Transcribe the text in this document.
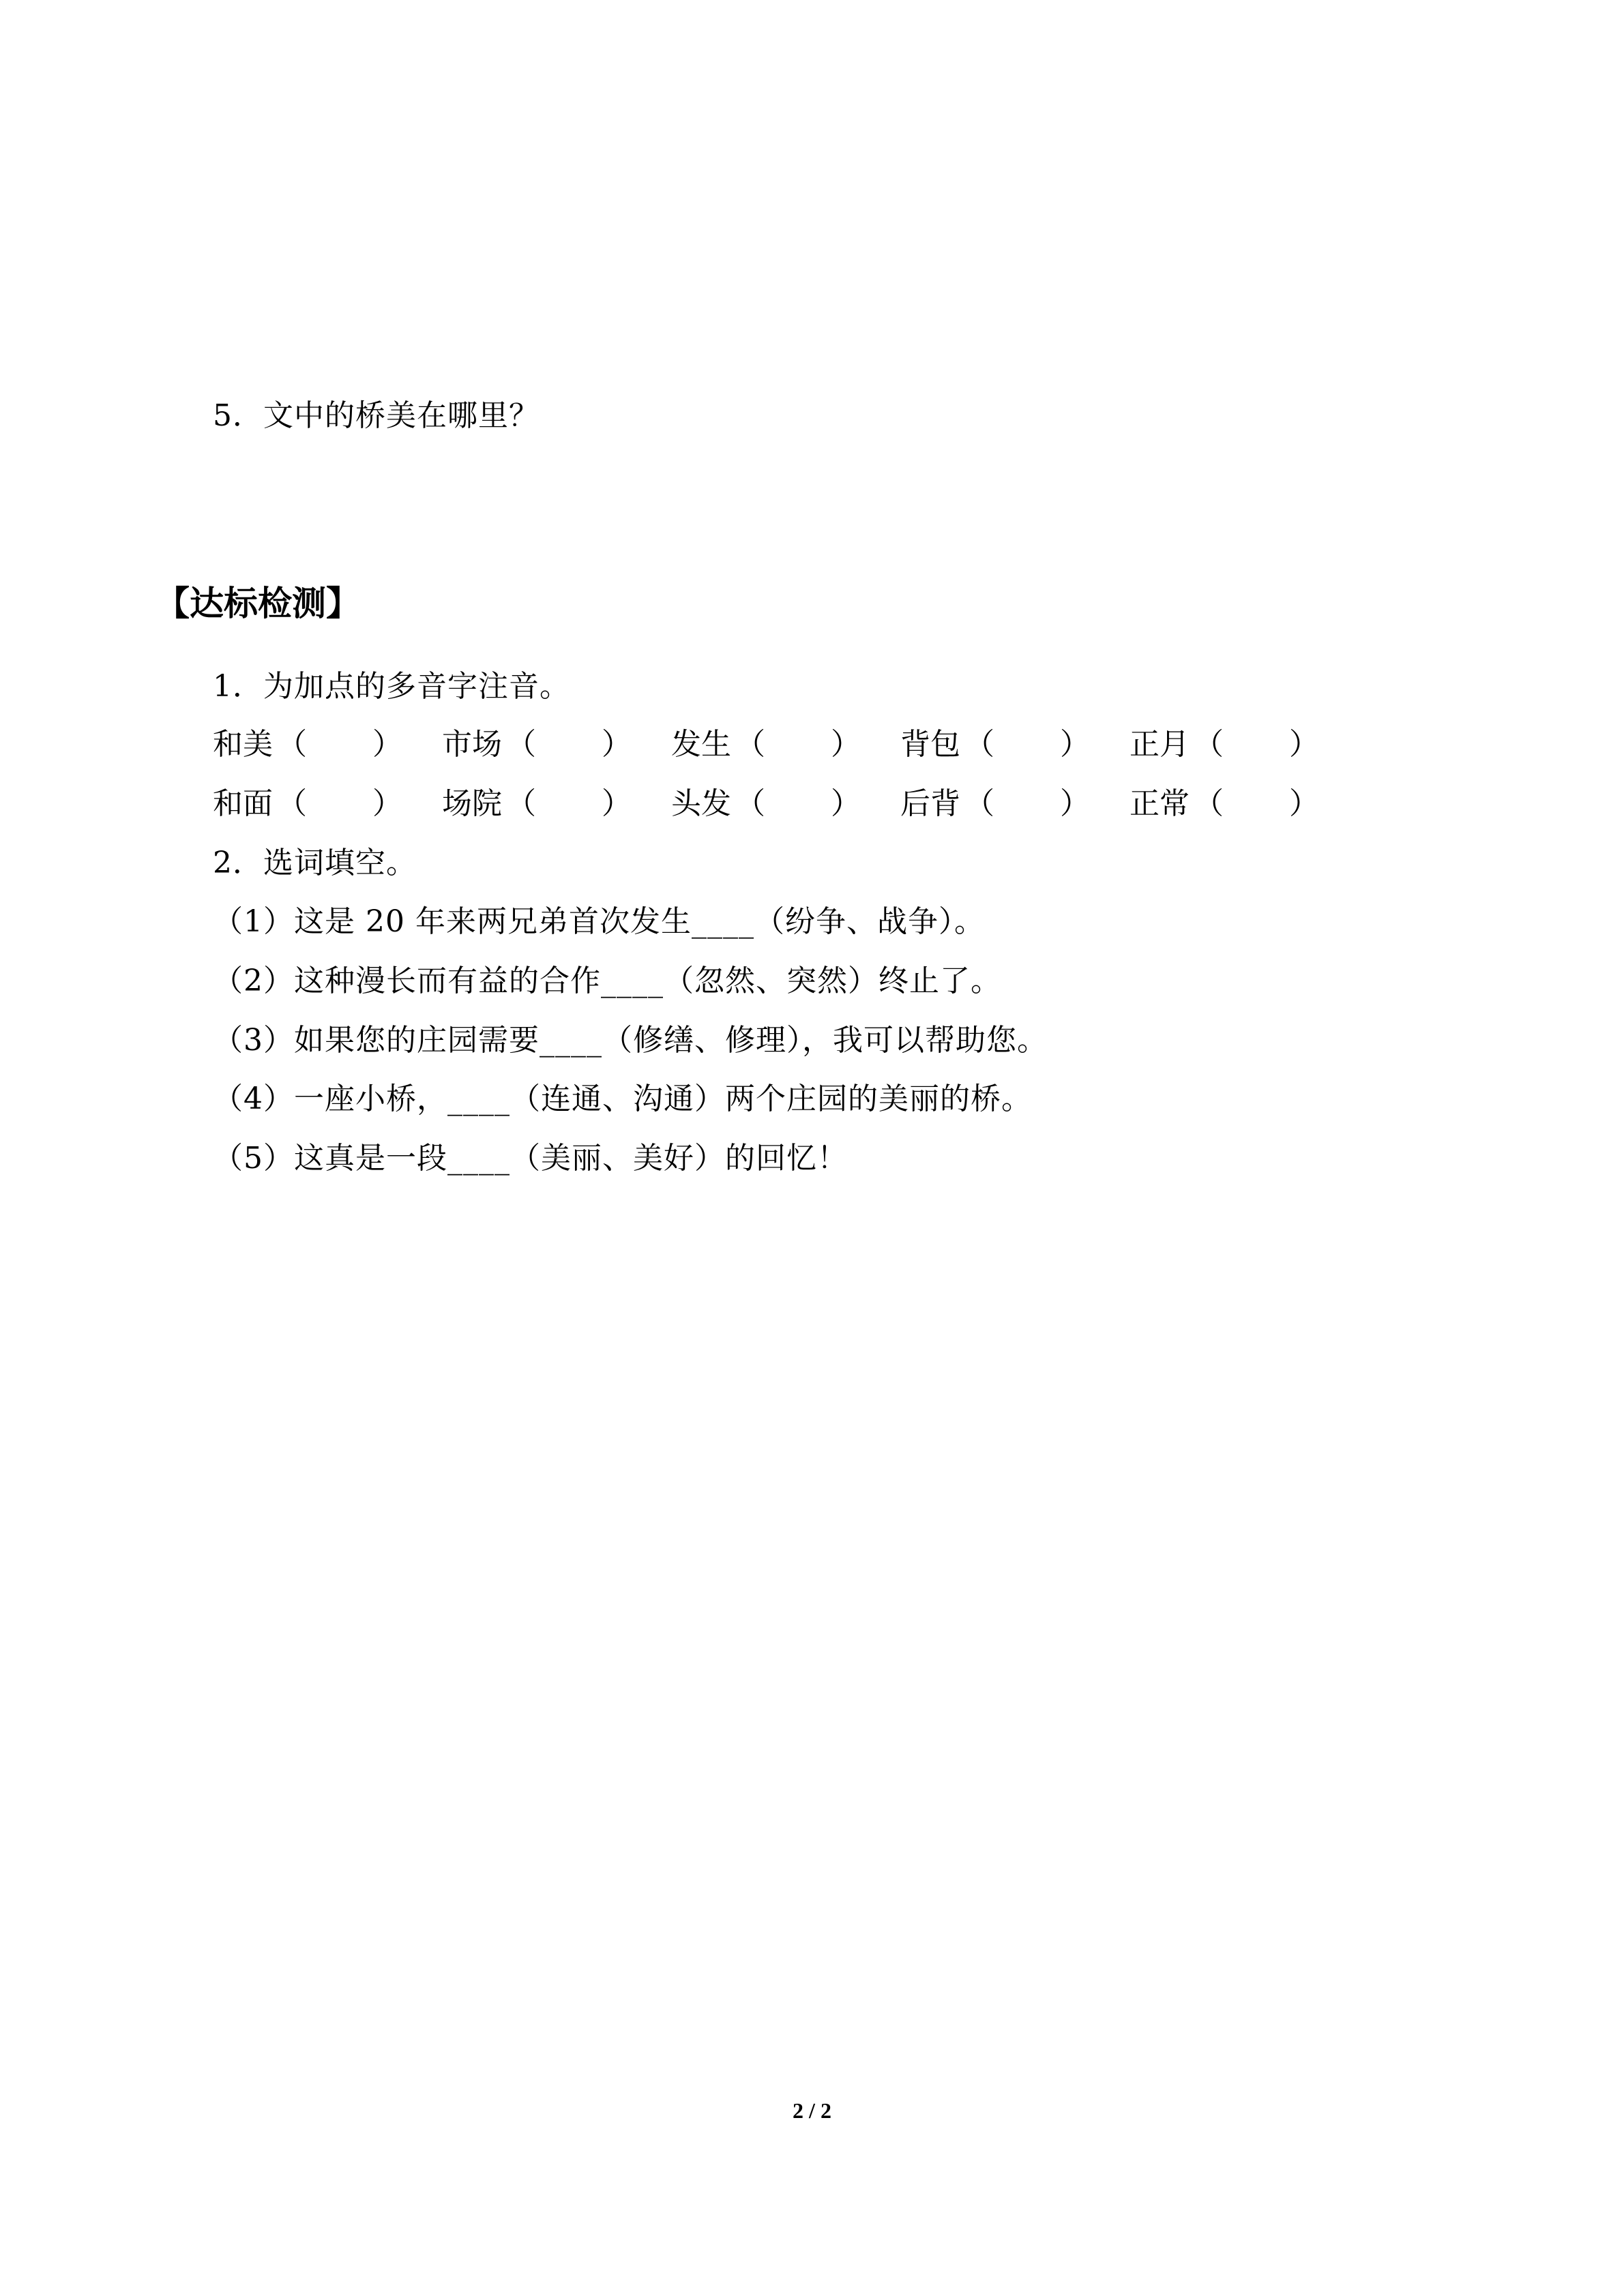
5．文中的桥美在哪里？
【达标检测】
1．为加点的多音字注音。
和美 （ ） 市场 （ ） 发生 （ ） 背包 （ ） 正月 （ ）
和面 （ ） 场院 （ ） 头发 （ ） 后背 （ ） 正常 （ ）
2．选词填空。
（1）这是 20 年来两兄弟首次发生____（纷争、战争）。
（2）这种漫长而有益的合作____（忽然、突然）终止了。
（3）如果您的庄园需要____（修缮、修理），我可以帮助您。
（4）一座小桥，____（连通、沟通）两个庄园的美丽的桥。
（5）这真是一段____（美丽、美好）的回忆！
2 / 2
